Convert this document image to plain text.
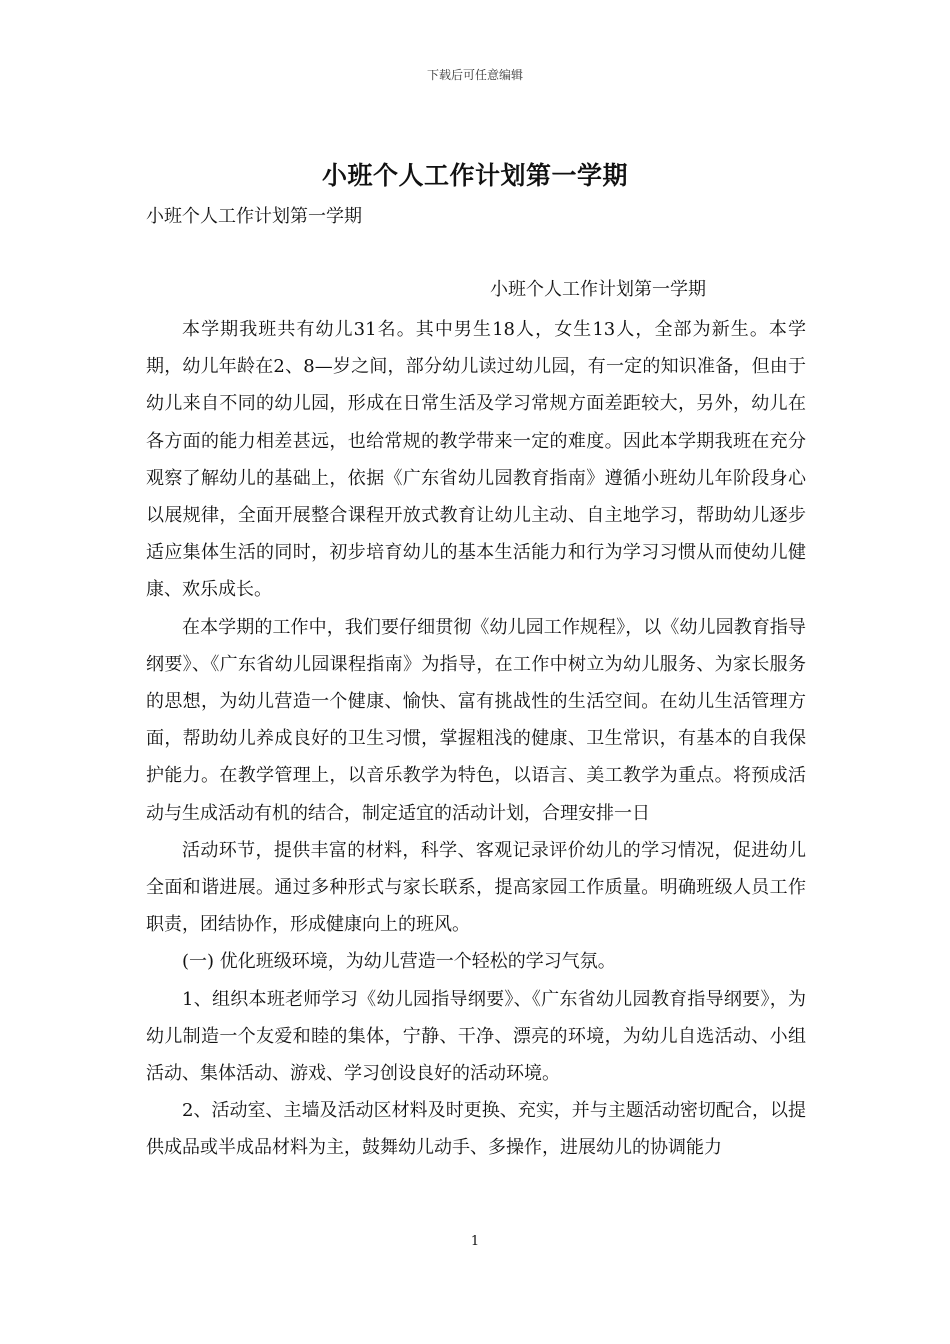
下载后可任意编辑
小班个人工作计划第一学期
小班个人工作计划第一学期
小班个人工作计划第一学期

本学期我班共有幼儿31名。其中男生18人，女生13人，全部为新生。本学期，幼儿年龄在2、8—岁之间，部分幼儿读过幼儿园，有一定的知识准备，但由于幼儿来自不同的幼儿园，形成在日常生活及学习常规方面差距较大，另外，幼儿在各方面的能力相差甚远，也给常规的教学带来一定的难度。因此本学期我班在充分观察了解幼儿的基础上，依据《广东省幼儿园教育指南》遵循小班幼儿年阶段身心以展规律，全面开展整合课程开放式教育让幼儿主动、自主地学习，帮助幼儿逐步适应集体生活的同时，初步培育幼儿的基本生活能力和行为学习习惯从而使幼儿健康、欢乐成长。

在本学期的工作中，我们要仔细贯彻《幼儿园工作规程》，以《幼儿园教育指导纲要》、《广东省幼儿园课程指南》为指导，在工作中树立为幼儿服务、为家长服务的思想，为幼儿营造一个健康、愉快、富有挑战性的生活空间。在幼儿生活管理方面，帮助幼儿养成良好的卫生习惯，掌握粗浅的健康、卫生常识，有基本的自我保护能力。在教学管理上，以音乐教学为特色，以语言、美工教学为重点。将预成活动与生成活动有机的结合，制定适宜的活动计划，合理安排一日

活动环节，提供丰富的材料，科学、客观记录评价幼儿的学习情况，促进幼儿全面和谐进展。通过多种形式与家长联系，提高家园工作质量。明确班级人员工作职责，团结协作，形成健康向上的班风。

(一) 优化班级环境，为幼儿营造一个轻松的学习气氛。

1、组织本班老师学习《幼儿园指导纲要》、《广东省幼儿园教育指导纲要》，为幼儿制造一个友爱和睦的集体，宁静、干净、漂亮的环境，为幼儿自选活动、小组活动、集体活动、游戏、学习创设良好的活动环境。

2、活动室、主墙及活动区材料及时更换、充实，并与主题活动密切配合，以提供成品或半成品材料为主，鼓舞幼儿动手、多操作，进展幼儿的协调能力

1
